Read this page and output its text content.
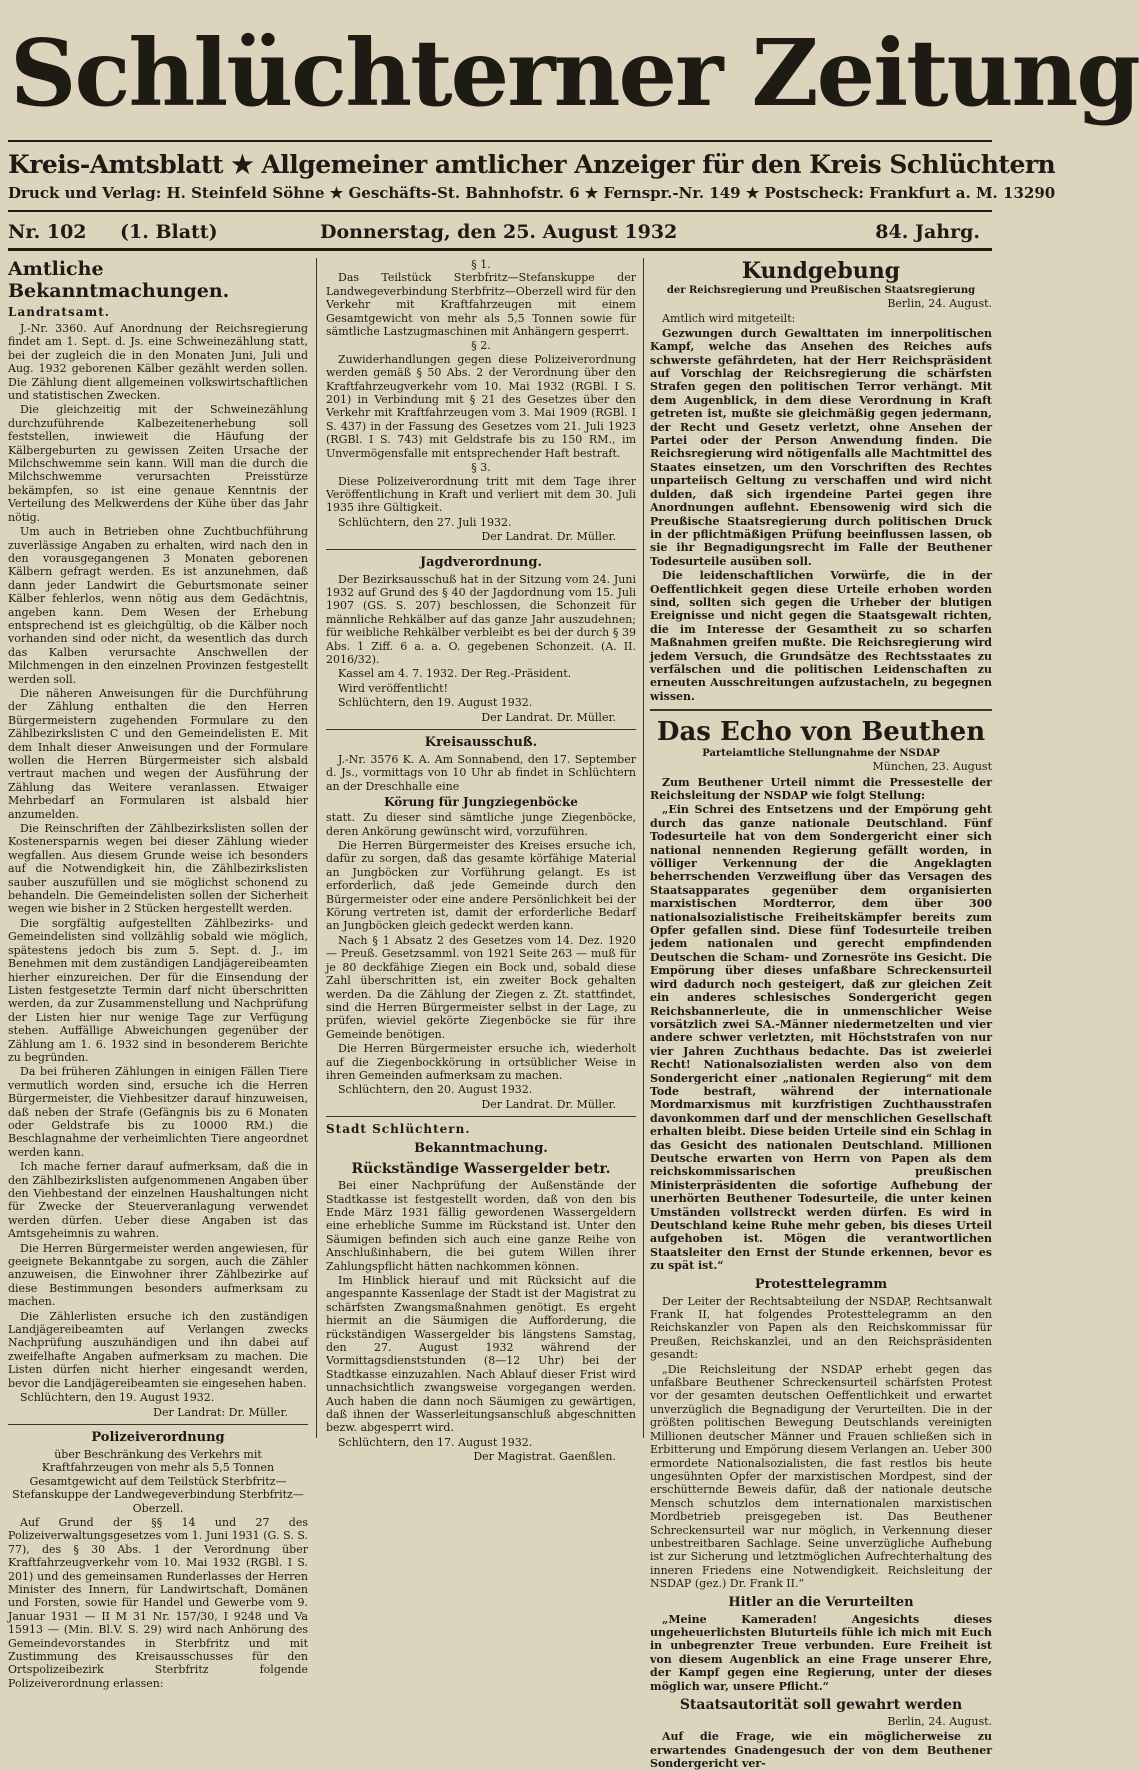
Schlüchterner Zeitung
Kreis-Amtsblatt ★ Allgemeiner amtlicher Anzeiger für den Kreis Schlüchtern
Druck und Verlag: H. Steinfeld Söhne ★ Geschäfts-St. Bahnhofstr. 6 ★ Fernspr.-Nr. 149 ★ Postscheck: Frankfurt a. M. 13290
Nr. 102 (1. Blatt)	Donnerstag, den 25. August 1932	84. Jahrg.
Amtliche Bekanntmachungen.
Landratsamt.

J.-Nr. 3360. Auf Anordnung der Reichsregierung findet am 1. Sept. d. Js. eine Schweinezählung statt, bei der zugleich die in den Monaten Juni, Juli und Aug. 1932 geborenen Kälber gezählt werden sollen. Die Zählung dient allgemeinen volkswirtschaftlichen und statistischen Zwecken.

Die gleichzeitig mit der Schweinezählung durchzuführende Kalbezeitenerhebung soll feststellen, inwieweit die Häufung der Kälbergeburten zu gewissen Zeiten Ursache der Milchschwemme sein kann. Will man die durch die Milchschwemme verursachten Preisstürze bekämpfen, so ist eine genaue Kenntnis der Verteilung des Melkwerdens der Kühe über das Jahr nötig.

Um auch in Betrieben ohne Zuchtbuchführung zuverlässige Angaben zu erhalten, wird nach den in den vorausgegangenen 3 Monaten geborenen Kälbern gefragt werden. Es ist anzunehmen, daß dann jeder Landwirt die Geburtsmonate seiner Kälber fehlerlos, wenn nötig aus dem Gedächtnis, angeben kann. Dem Wesen der Erhebung entsprechend ist es gleichgültig, ob die Kälber noch vorhanden sind oder nicht, da wesentlich das durch das Kalben verursachte Anschwellen der Milchmengen in den einzelnen Provinzen festgestellt werden soll.

Die näheren Anweisungen für die Durchführung der Zählung enthalten die den Herren Bürgermeistern zugehenden Formulare zu den Zählbezirkslisten C und den Gemeindelisten E. Mit dem Inhalt dieser Anweisungen und der Formulare wollen die Herren Bürgermeister sich alsbald vertraut machen und wegen der Ausführung der Zählung das Weitere veranlassen. Etwaiger Mehrbedarf an Formularen ist alsbald hier anzumelden.

Die Reinschriften der Zählbezirkslisten sollen der Kostenersparnis wegen bei dieser Zählung wieder wegfallen. Aus diesem Grunde weise ich besonders auf die Notwendigkeit hin, die Zählbezirkslisten sauber auszufüllen und sie möglichst schonend zu behandeln. Die Gemeindelisten sollen der Sicherheit wegen wie bisher in 2 Stücken hergestellt werden.

Die sorgfältig aufgestellten Zählbezirks- und Gemeindelisten sind vollzählig sobald wie möglich, spätestens jedoch bis zum 5. Sept. d. J., im Benehmen mit dem zuständigen Landjägereibeamten hierher einzureichen. Der für die Einsendung der Listen festgesetzte Termin darf nicht überschritten werden, da zur Zusammenstellung und Nachprüfung der Listen hier nur wenige Tage zur Verfügung stehen. Auffällige Abweichungen gegenüber der Zählung am 1. 6. 1932 sind in besonderem Berichte zu begründen.

Da bei früheren Zählungen in einigen Fällen Tiere vermutlich worden sind, ersuche ich die Herren Bürgermeister, die Viehbesitzer darauf hinzuweisen, daß neben der Strafe (Gefängnis bis zu 6 Monaten oder Geldstrafe bis zu 10000 RM.) die Beschlagnahme der verheimlichten Tiere angeordnet werden kann.

Ich mache ferner darauf aufmerksam, daß die in den Zählbezirkslisten aufgenommenen Angaben über den Viehbestand der einzelnen Haushaltungen nicht für Zwecke der Steuerveranlagung verwendet werden dürfen. Ueber diese Angaben ist das Amtsgeheimnis zu wahren.

Die Herren Bürgermeister werden angewiesen, für geeignete Bekanntgabe zu sorgen, auch die Zähler anzuweisen, die Einwohner ihrer Zählbezirke auf diese Bestimmungen besonders aufmerksam zu machen.

Die Zählerlisten ersuche ich den zuständigen Landjägereibeamten auf Verlangen zwecks Nachprüfung auszuhändigen und ihn dabei auf zweifelhafte Angaben aufmerksam zu machen. Die Listen dürfen nicht hierher eingesandt werden, bevor die Landjägereibeamten sie eingesehen haben.

Schlüchtern, den 19. August 1932.

Der Landrat: Dr. Müller.
Polizeiverordnung

über Beschränkung des Verkehrs mit Kraftfahrzeugen von mehr als 5,5 Tonnen Gesamtgewicht auf dem Teilstück Sterbfritz—Stefanskuppe der Landwegeverbindung Sterbfritz—Oberzell.

Auf Grund der §§ 14 und 27 des Polizeiverwaltungsgesetzes vom 1. Juni 1931 (G. S. S. 77), des § 30 Abs. 1 der Verordnung über Kraftfahrzeugverkehr vom 10. Mai 1932 (RGBl. I S. 201) und des gemeinsamen Runderlasses der Herren Minister des Innern, für Landwirtschaft, Domänen und Forsten, sowie für Handel und Gewerbe vom 9. Januar 1931 — II M 31 Nr. 157/30, I 9248 und Va 15913 — (Min. Bl.V. S. 29) wird nach Anhörung des Gemeindevorstandes in Sterbfritz und mit Zustimmung des Kreisausschusses für den Ortspolizeibezirk Sterbfritz folgende Polizeiverordnung erlassen:

§ 1.

Das Teilstück Sterbfritz—Stefanskuppe der Landwegeverbindung Sterbfritz—Oberzell wird für den Verkehr mit Kraftfahrzeugen mit einem Gesamtgewicht von mehr als 5,5 Tonnen sowie für sämtliche Lastzugmaschinen mit Anhängern gesperrt.

§ 2.

Zuwiderhandlungen gegen diese Polizeiverordnung werden gemäß § 50 Abs. 2 der Verordnung über den Kraftfahrzeugverkehr vom 10. Mai 1932 (RGBl. I S. 201) in Verbindung mit § 21 des Gesetzes über den Verkehr mit Kraftfahrzeugen vom 3. Mai 1909 (RGBl. I S. 437) in der Fassung des Gesetzes vom 21. Juli 1923 (RGBl. I S. 743) mit Geldstrafe bis zu 150 RM., im Unvermögensfalle mit entsprechender Haft bestraft.

§ 3.

Diese Polizeiverordnung tritt mit dem Tage ihrer Veröffentlichung in Kraft und verliert mit dem 30. Juli 1935 ihre Gültigkeit.

Schlüchtern, den 27. Juli 1932.

Der Landrat. Dr. Müller.
Jagdverordnung.

Der Bezirksausschuß hat in der Sitzung vom 24. Juni 1932 auf Grund des § 40 der Jagdordnung vom 15. Juli 1907 (GS. S. 207) beschlossen, die Schonzeit für männliche Rehkälber auf das ganze Jahr auszudehnen; für weibliche Rehkälber verbleibt es bei der durch § 39 Abs. 1 Ziff. 6 a. a. O. gegebenen Schonzeit. (A. II. 2016/32).

Kassel am 4. 7. 1932. Der Reg.-Präsident.

Wird veröffentlicht!

Schlüchtern, den 19. August 1932.

Der Landrat. Dr. Müller.
Kreisausschuß.

J.-Nr. 3576 K. A. Am Sonnabend, den 17. September d. Js., vormittags von 10 Uhr ab findet in Schlüchtern an der Dreschhalle eine

Körung für Jungziegenböcke

statt. Zu dieser sind sämtliche junge Ziegenböcke, deren Ankörung gewünscht wird, vorzuführen.

Die Herren Bürgermeister des Kreises ersuche ich, dafür zu sorgen, daß das gesamte körfähige Material an Jungböcken zur Vorführung gelangt. Es ist erforderlich, daß jede Gemeinde durch den Bürgermeister oder eine andere Persönlichkeit bei der Körung vertreten ist, damit der erforderliche Bedarf an Jungböcken gleich gedeckt werden kann.

Nach § 1 Absatz 2 des Gesetzes vom 14. Dez. 1920 — Preuß. Gesetzsamml. von 1921 Seite 263 — muß für je 80 deckfähige Ziegen ein Bock und, sobald diese Zahl überschritten ist, ein zweiter Bock gehalten werden. Da die Zählung der Ziegen z. Zt. stattfindet, sind die Herren Bürgermeister selbst in der Lage, zu prüfen, wieviel gekörte Ziegenböcke sie für ihre Gemeinde benötigen.

Die Herren Bürgermeister ersuche ich, wiederholt auf die Ziegenbockkörung in ortsüblicher Weise in ihren Gemeinden aufmerksam zu machen.

Schlüchtern, den 20. August 1932.

Der Landrat. Dr. Müller.
Stadt Schlüchtern.
Bekanntmachung.
Rückständige Wassergelder betr.

Bei einer Nachprüfung der Außenstände der Stadtkasse ist festgestellt worden, daß von den bis Ende März 1931 fällig gewordenen Wassergeldern eine erhebliche Summe im Rückstand ist. Unter den Säumigen befinden sich auch eine ganze Reihe von Anschlußinhabern, die bei gutem Willen ihrer Zahlungspflicht hätten nachkommen können.

Im Hinblick hierauf und mit Rücksicht auf die angespannte Kassenlage der Stadt ist der Magistrat zu schärfsten Zwangsmaßnahmen genötigt. Es ergeht hiermit an die Säumigen die Aufforderung, die rückständigen Wassergelder bis längstens Samstag, den 27. August 1932 während der Vormittagsdienststunden (8—12 Uhr) bei der Stadtkasse einzuzahlen. Nach Ablauf dieser Frist wird unnachsichtlich zwangsweise vorgegangen werden. Auch haben die dann noch Säumigen zu gewärtigen, daß ihnen der Wasserleitungsanschluß abgeschnitten bezw. abgesperrt wird.

Schlüchtern, den 17. August 1932.

Der Magistrat. Gaenßlen.
Kundgebung
der Reichsregierung und Preußischen Staatsregierung
Berlin, 24. August.

Amtlich wird mitgeteilt:

Gezwungen durch Gewalttaten im innerpolitischen Kampf, welche das Ansehen des Reiches aufs schwerste gefährdeten, hat der Herr Reichspräsident auf Vorschlag der Reichsregierung die schärfsten Strafen gegen den politischen Terror verhängt. Mit dem Augenblick, in dem diese Verordnung in Kraft getreten ist, mußte sie gleichmäßig gegen jedermann, der Recht und Gesetz verletzt, ohne Ansehen der Partei oder der Person Anwendung finden. Die Reichsregierung wird nötigenfalls alle Machtmittel des Staates einsetzen, um den Vorschriften des Rechtes unparteiisch Geltung zu verschaffen und wird nicht dulden, daß sich irgendeine Partei gegen ihre Anordnungen auflehnt. Ebensowenig wird sich die Preußische Staatsregierung durch politischen Druck in der pflichtmäßigen Prüfung beeinflussen lassen, ob sie ihr Begnadigungsrecht im Falle der Beuthener Todesurteile ausüben soll.

Die leidenschaftlichen Vorwürfe, die in der Oeffentlichkeit gegen diese Urteile erhoben worden sind, sollten sich gegen die Urheber der blutigen Ereignisse und nicht gegen die Staatsgewalt richten, die im Interesse der Gesamtheit zu so scharfen Maßnahmen greifen mußte. Die Reichsregierung wird jedem Versuch, die Grundsätze des Rechtsstaates zu verfälschen und die politischen Leidenschaften zu erneuten Ausschreitungen aufzustacheln, zu begegnen wissen.

Das Echo von Beuthen
Parteiamtliche Stellungnahme der NSDAP
München, 23. August

Zum Beuthener Urteil nimmt die Pressestelle der Reichsleitung der NSDAP wie folgt Stellung:

„Ein Schrei des Entsetzens und der Empörung geht durch das ganze nationale Deutschland. Fünf Todesurteile hat von dem Sondergericht einer sich national nennenden Regierung gefällt worden, in völliger Verkennung der die Angeklagten beherrschenden Verzweiflung über das Versagen des Staatsapparates gegenüber dem organisierten marxistischen Mordterror, dem über 300 nationalsozialistische Freiheitskämpfer bereits zum Opfer gefallen sind. Diese fünf Todesurteile treiben jedem nationalen und gerecht empfindenden Deutschen die Scham- und Zornesröte ins Gesicht. Die Empörung über dieses unfaßbare Schreckensurteil wird dadurch noch gesteigert, daß zur gleichen Zeit ein anderes schlesisches Sondergericht gegen Reichsbannerleute, die in unmenschlicher Weise vorsätzlich zwei SA.-Männer niedermetzelten und vier andere schwer verletzten, mit Höchststrafen von nur vier Jahren Zuchthaus bedachte. Das ist zweierlei Recht! Nationalsozialisten werden also von dem Sondergericht einer „nationalen Regierung“ mit dem Tode bestraft, während der internationale Mordmarxismus mit kurzfristigen Zuchthausstrafen davonkommen darf und der menschlichen Gesellschaft erhalten bleibt. Diese beiden Urteile sind ein Schlag in das Gesicht des nationalen Deutschland. Millionen Deutsche erwarten von Herrn von Papen als dem reichskommissarischen preußischen Ministerpräsidenten die sofortige Aufhebung der unerhörten Beuthener Todesurteile, die unter keinen Umständen vollstreckt werden dürfen. Es wird in Deutschland keine Ruhe mehr geben, bis dieses Urteil aufgehoben ist. Mögen die verantwortlichen Staatsleiter den Ernst der Stunde erkennen, bevor es zu spät ist.“

Protesttelegramm

Der Leiter der Rechtsabteilung der NSDAP, Rechtsanwalt Frank II, hat folgendes Protesttelegramm an den Reichskanzler von Papen als den Reichskommissar für Preußen, Reichskanzlei, und an den Reichspräsidenten gesandt:

„Die Reichsleitung der NSDAP erhebt gegen das unfaßbare Beuthener Schreckensurteil schärfsten Protest vor der gesamten deutschen Oeffentlichkeit und erwartet unverzüglich die Begnadigung der Verurteilten. Die in der größten politischen Bewegung Deutschlands vereinigten Millionen deutscher Männer und Frauen schließen sich in Erbitterung und Empörung diesem Verlangen an. Ueber 300 ermordete Nationalsozialisten, die fast restlos bis heute ungesühnten Opfer der marxistischen Mordpest, sind der erschütternde Beweis dafür, daß der nationale deutsche Mensch schutzlos dem internationalen marxistischen Mordbetrieb preisgegeben ist. Das Beuthener Schreckensurteil war nur möglich, in Verkennung dieser unbestreitbaren Sachlage. Seine unverzügliche Aufhebung ist zur Sicherung und letztmöglichen Aufrechterhaltung des inneren Friedens eine Notwendigkeit. Reichsleitung der NSDAP (gez.) Dr. Frank II.“

Hitler an die Verurteilten

„Meine Kameraden! Angesichts dieses ungeheuerlichsten Bluturteils fühle ich mich mit Euch in unbegrenzter Treue verbunden. Eure Freiheit ist von diesem Augenblick an eine Frage unserer Ehre, der Kampf gegen eine Regierung, unter der dieses möglich war, unsere Pflicht.“

Staatsautorität soll gewahrt werden
Berlin, 24. August.

Auf die Frage, wie ein möglicherweise zu erwartendes Gnadengesuch der von dem Beuthener Sondergericht ver-
